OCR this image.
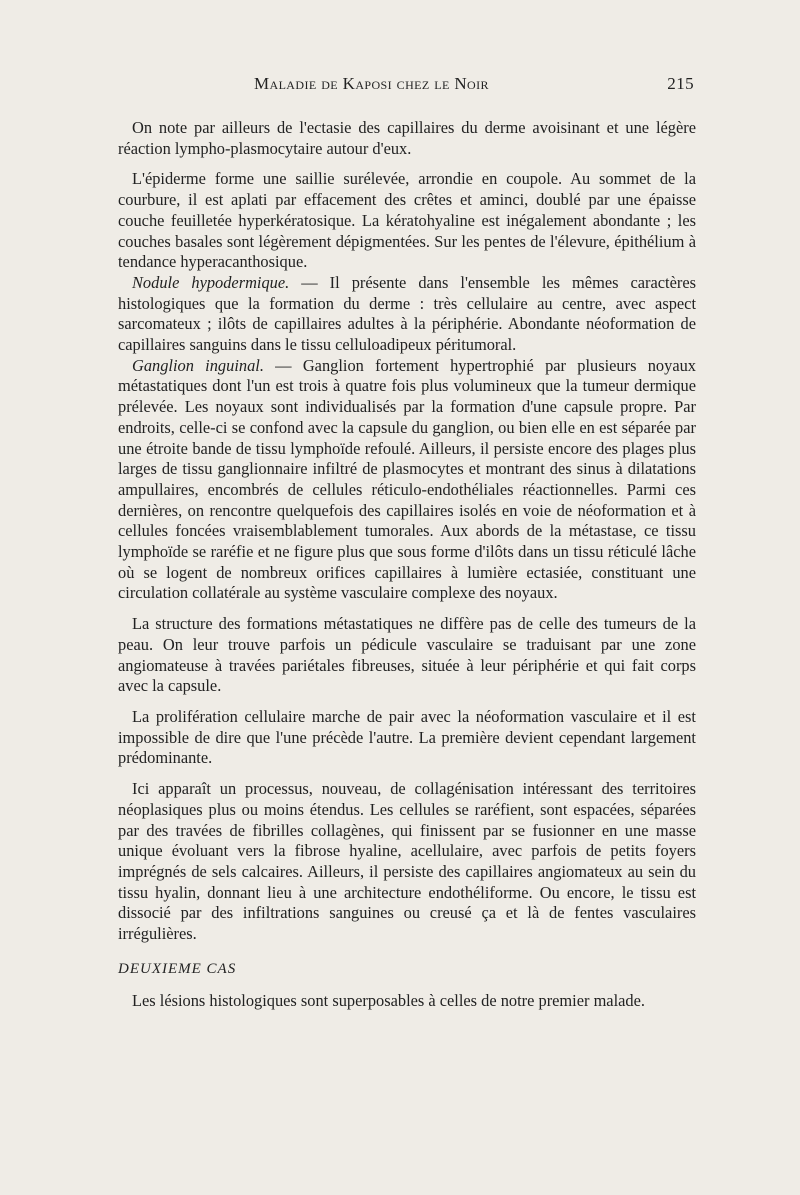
Maladie de Kaposi chez le Noir	215

On note par ailleurs de l'ectasie des capillaires du derme avoisinant et une légère réaction lympho-plasmocytaire autour d'eux.

L'épiderme forme une saillie surélevée, arrondie en coupole. Au sommet de la courbure, il est aplati par effacement des crêtes et aminci, doublé par une épaisse couche feuilletée hyperkératosique. La kératohyaline est inégalement abondante ; les couches basales sont légèrement dépigmentées. Sur les pentes de l'élevure, épithélium à tendance hyperacanthosique.

Nodule hypodermique. — Il présente dans l'ensemble les mêmes caractères histologiques que la formation du derme : très cellulaire au centre, avec aspect sarcomateux ; ilôts de capillaires adultes à la périphérie. Abondante néoformation de capillaires sanguins dans le tissu celluloadipeux péritumoral.

Ganglion inguinal. — Ganglion fortement hypertrophié par plusieurs noyaux métastatiques dont l'un est trois à quatre fois plus volumineux que la tumeur dermique prélevée. Les noyaux sont individualisés par la formation d'une capsule propre. Par endroits, celle-ci se confond avec la capsule du ganglion, ou bien elle en est séparée par une étroite bande de tissu lymphoïde refoulé. Ailleurs, il persiste encore des plages plus larges de tissu ganglionnaire infiltré de plasmocytes et montrant des sinus à dilatations ampullaires, encombrés de cellules réticulo-endothéliales réactionnelles. Parmi ces dernières, on rencontre quelquefois des capillaires isolés en voie de néoformation et à cellules foncées vraisemblablement tumorales. Aux abords de la métastase, ce tissu lymphoïde se raréfie et ne figure plus que sous forme d'ilôts dans un tissu réticulé lâche où se logent de nombreux orifices capillaires à lumière ectasiée, constituant une circulation collatérale au système vasculaire complexe des noyaux.

La structure des formations métastatiques ne diffère pas de celle des tumeurs de la peau. On leur trouve parfois un pédicule vasculaire se traduisant par une zone angiomateuse à travées pariétales fibreuses, située à leur périphérie et qui fait corps avec la capsule.

La prolifération cellulaire marche de pair avec la néoformation vasculaire et il est impossible de dire que l'une précède l'autre. La première devient cependant largement prédominante.

Ici apparaît un processus, nouveau, de collagénisation intéressant des territoires néoplasiques plus ou moins étendus. Les cellules se raréfient, sont espacées, séparées par des travées de fibrilles collagènes, qui finissent par se fusionner en une masse unique évoluant vers la fibrose hyaline, acellulaire, avec parfois de petits foyers imprégnés de sels calcaires. Ailleurs, il persiste des capillaires angiomateux au sein du tissu hyalin, donnant lieu à une architecture endothéliforme. Ou encore, le tissu est dissocié par des infiltrations sanguines ou creusé ça et là de fentes vasculaires irrégulières.

DEUXIEME CAS

Les lésions histologiques sont superposables à celles de notre premier malade.
